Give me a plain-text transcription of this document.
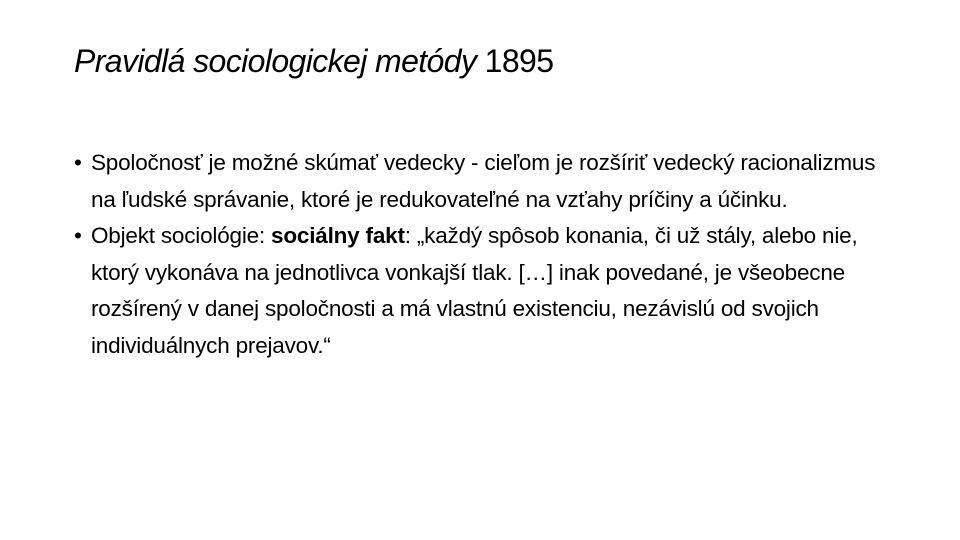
Pravidlá sociologickej metódy 1895

• Spoločnosť je možné skúmať vedecky - cieľom je rozšíriť vedecký racionalizmus na ľudské správanie, ktoré je redukovateľné na vzťahy príčiny a účinku.

• Objekt sociológie: sociálny fakt: „každý spôsob konania, či už stály, alebo nie, ktorý vykonáva na jednotlivca vonkajší tlak. […] inak povedané, je všeobecne rozšírený v danej spoločnosti a má vlastnú existenciu, nezávislú od svojich individuálnych prejavov.“
